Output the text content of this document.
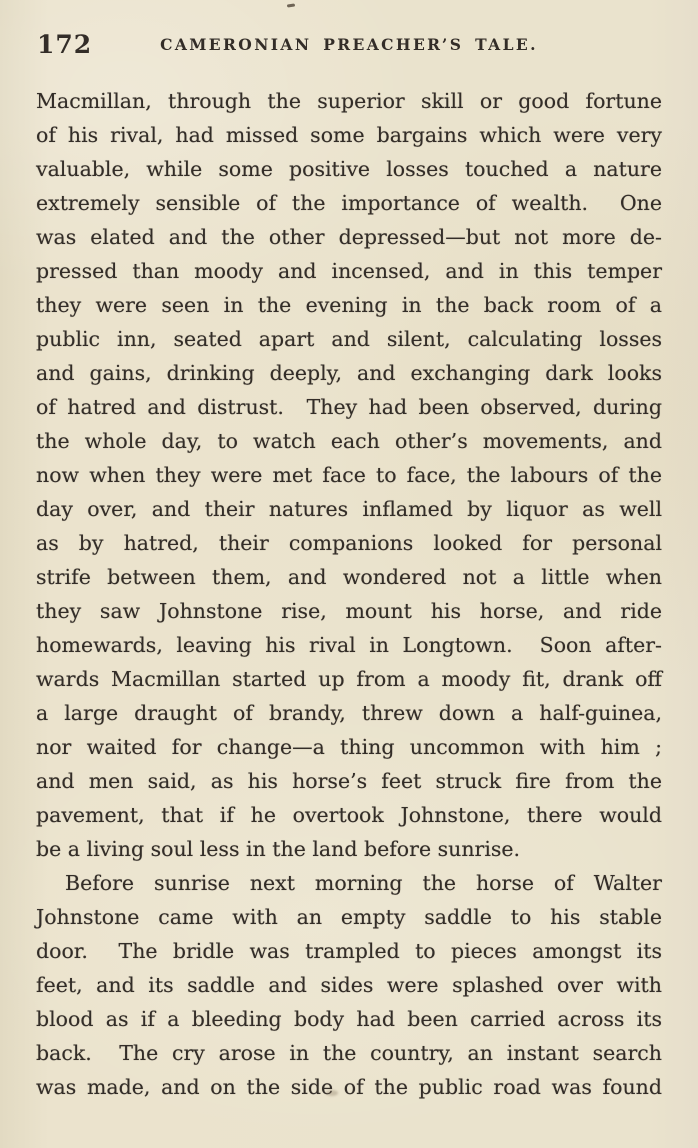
172	CAMERONIAN PREACHER’S TALE.

Macmillan, through the superior skill or good fortune
of his rival, had missed some bargains which were very
valuable, while some positive losses touched a nature
extremely sensible of the importance of wealth.  One
was elated and the other depressed—but not more de-
pressed than moody and incensed, and in this temper
they were seen in the evening in the back room of a
public inn, seated apart and silent, calculating losses
and gains, drinking deeply, and exchanging dark looks
of hatred and distrust.  They had been observed, during
the whole day, to watch each other’s movements, and
now when they were met face to face, the labours of the
day over, and their natures inflamed by liquor as well
as by hatred, their companions looked for personal
strife between them, and wondered not a little when
they saw Johnstone rise, mount his horse, and ride
homewards, leaving his rival in Longtown.  Soon after-
wards Macmillan started up from a moody fit, drank off
a large draught of brandy, threw down a half-guinea,
nor waited for change—a thing uncommon with him ;
and men said, as his horse’s feet struck fire from the
pavement, that if he overtook Johnstone, there would
be a living soul less in the land before sunrise.

Before sunrise next morning the horse of Walter
Johnstone came with an empty saddle to his stable
door.  The bridle was trampled to pieces amongst its
feet, and its saddle and sides were splashed over with
blood as if a bleeding body had been carried across its
back.  The cry arose in the country, an instant search
was made, and on the side of the public road was found
